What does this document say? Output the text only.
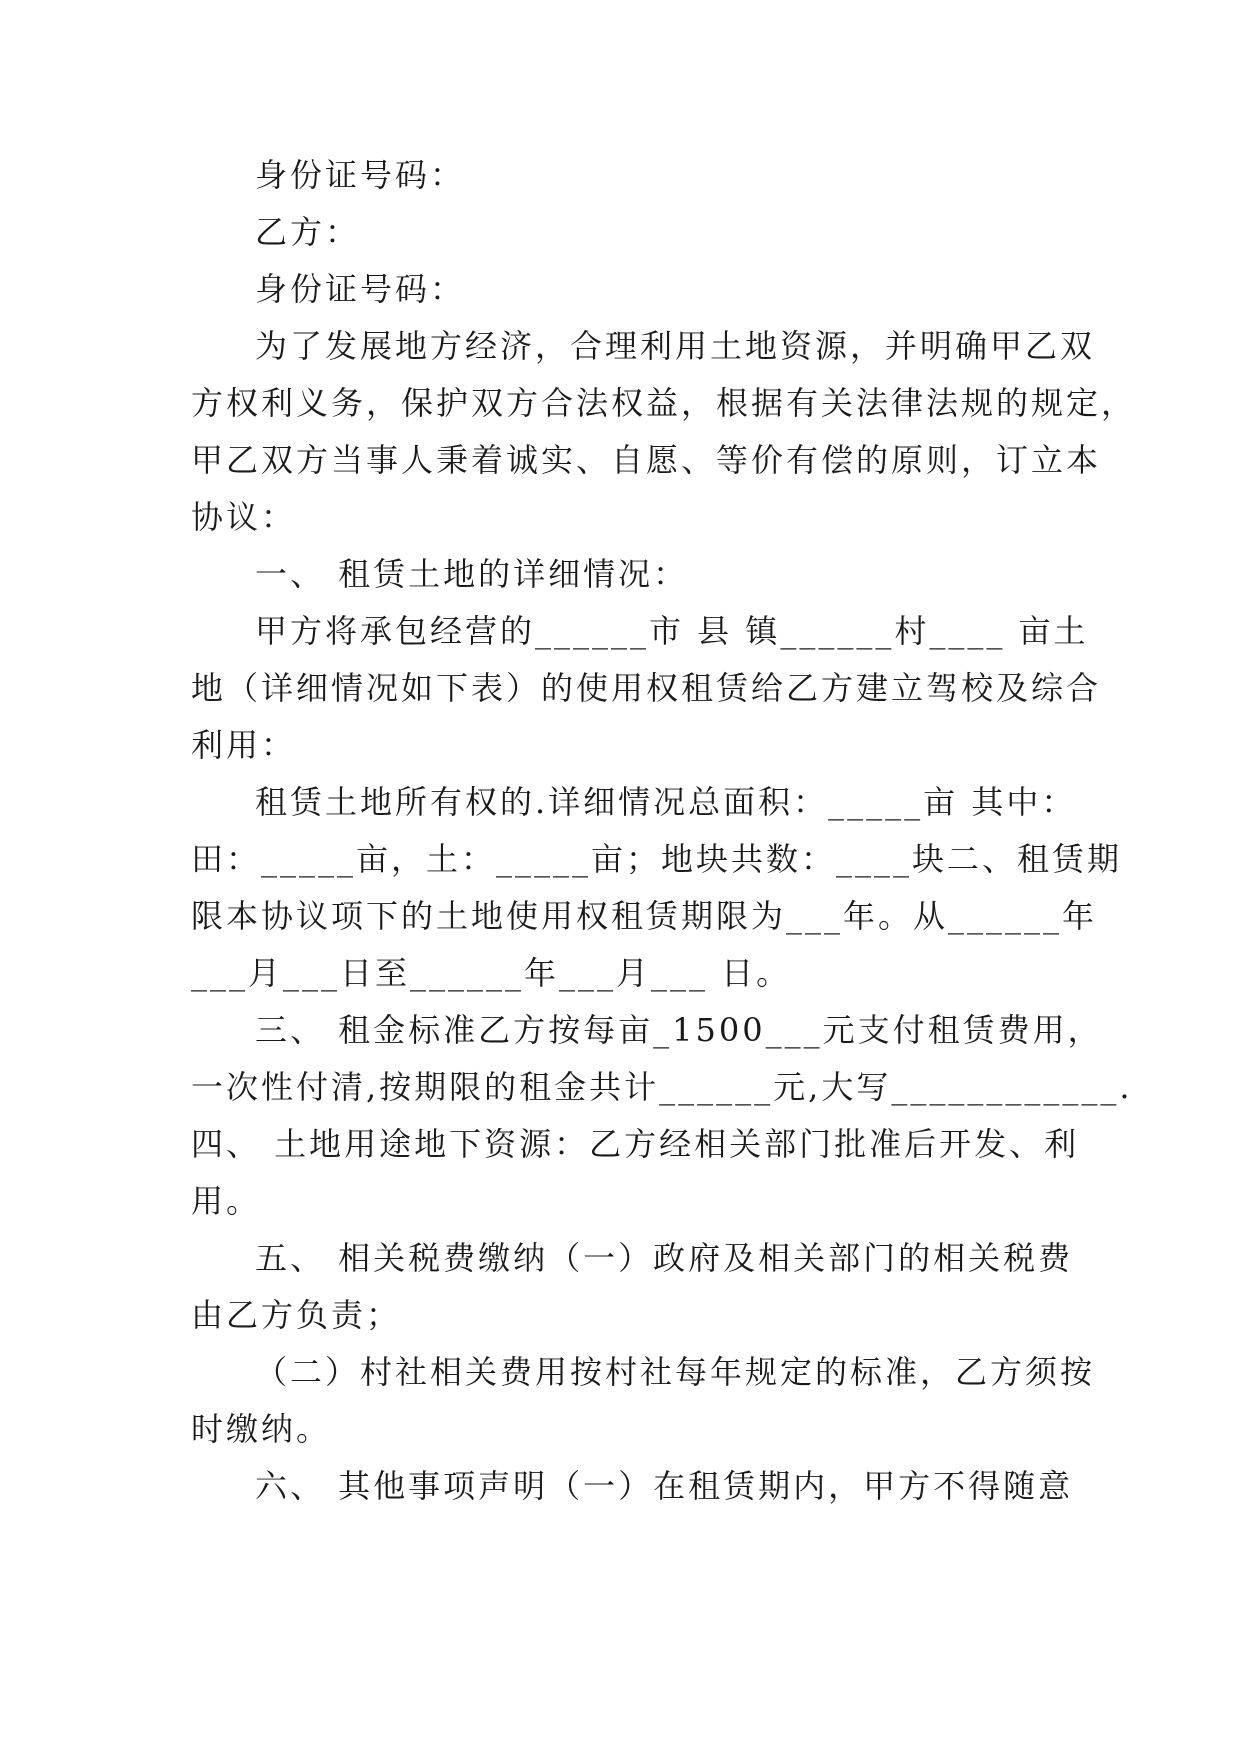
身份证号码：
乙方：
身份证号码：
为了发展地方经济，合理利用土地资源，并明确甲乙双
方权利义务，保护双方合法权益，根据有关法律法规的规定，
甲乙双方当事人秉着诚实、自愿、等价有偿的原则，订立本
协议：
一、 租赁土地的详细情况：
甲方将承包经营的______市 县 镇______村____ 亩土
地（详细情况如下表）的使用权租赁给乙方建立驾校及综合
利用：
租赁土地所有权的.详细情况总面积：_____亩 其中：
田：_____亩，土：_____亩；地块共数：____块二、租赁期
限本协议项下的土地使用权租赁期限为___年。从______年
___月___日至______年___月___ 日。
三、 租金标准乙方按每亩_1500___元支付租赁费用，
一次性付清,按期限的租金共计______元,大写____________.
四、 土地用途地下资源：乙方经相关部门批准后开发、利
用。
五、 相关税费缴纳（一）政府及相关部门的相关税费
由乙方负责；
（二）村社相关费用按村社每年规定的标准，乙方须按
时缴纳。
六、 其他事项声明（一）在租赁期内，甲方不得随意
